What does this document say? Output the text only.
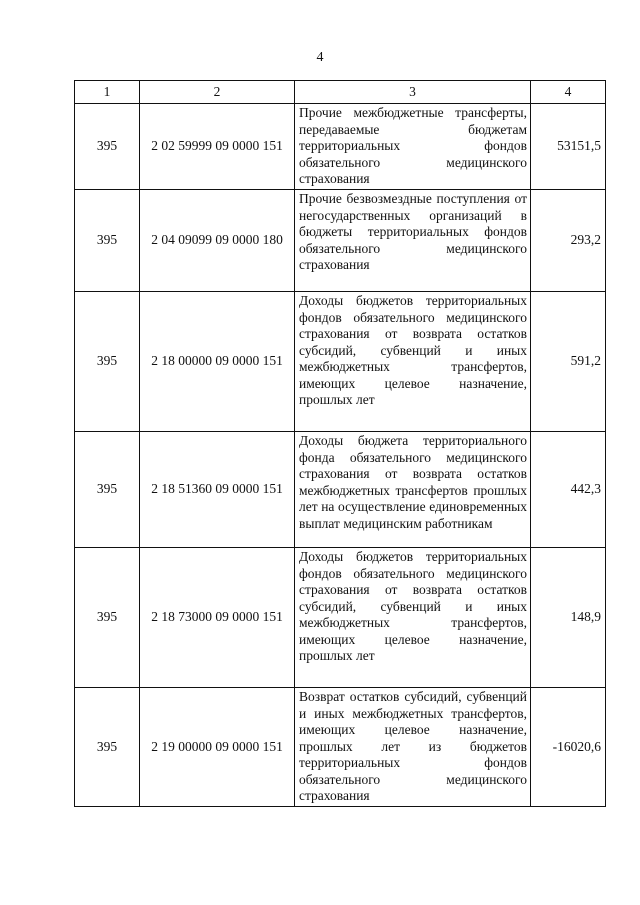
4
1	2	3	4
395	2 02 59999 09 0000 151	Прочие межбюджетные трансферты, передаваемые бюджетам территориальных фондов обязательного медицинского страхования	53151,5
395	2 04 09099 09 0000 180	Прочие безвозмездные поступления от негосударственных организаций в бюджеты территориальных фондов обязательного медицинского страхования	293,2
395	2 18 00000 09 0000 151	Доходы бюджетов территориальных фондов обязательного медицинского страхования от возврата остатков субсидий, субвенций и иных межбюджетных трансфертов, имеющих целевое назначение, прошлых лет	591,2
395	2 18 51360 09 0000 151	Доходы бюджета территориального фонда обязательного медицинского страхования от возврата остатков межбюджетных трансфертов прошлых лет на осуществление единовременных выплат медицинским работникам	442,3
395	2 18 73000 09 0000 151	Доходы бюджетов территориальных фондов обязательного медицинского страхования от возврата остатков субсидий, субвенций и иных межбюджетных трансфертов, имеющих целевое назначение, прошлых лет	148,9
395	2 19 00000 09 0000 151	Возврат остатков субсидий, субвенций и иных межбюджетных трансфертов, имеющих целевое назначение, прошлых лет из бюджетов территориальных фондов обязательного медицинского страхования	-16020,6
